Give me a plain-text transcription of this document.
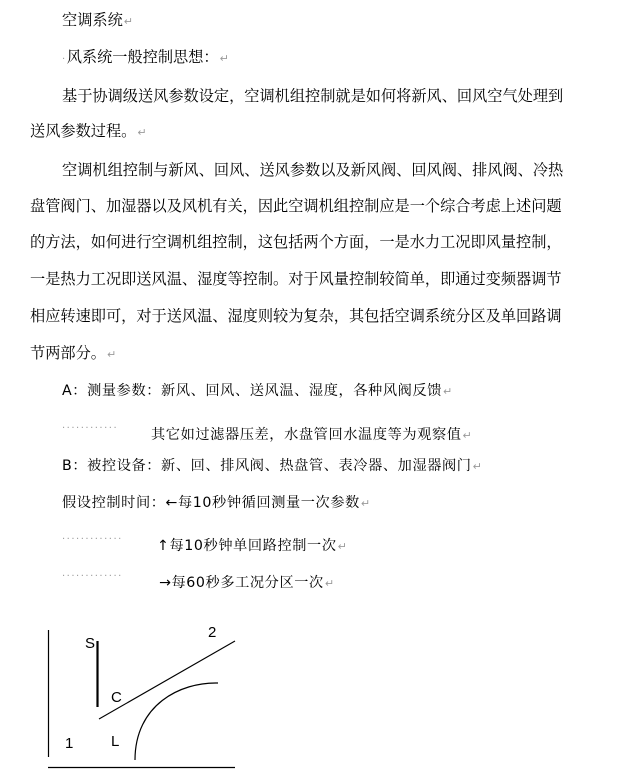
空调系统↵
·风系统一般控制思想：↵
基于协调级送风参数设定，空调机组控制就是如何将新风、回风空气处理到
送风参数过程。↵
空调机组控制与新风、回风、送风参数以及新风阀、回风阀、排风阀、冷热
盘管阀门、加湿器以及风机有关，因此空调机组控制应是一个综合考虑上述问题
的方法，如何进行空调机组控制，这包括两个方面，一是水力工况即风量控制，
一是热力工况即送风温、湿度等控制。对于风量控制较简单，即通过变频器调节
相应转速即可，对于送风温、湿度则较为复杂，其包括空调系统分区及单回路调
节两部分。↵
A：测量参数：新风、回风、送风温、湿度，各种风阀反馈↵
············ 其它如过滤器压差，水盘管回水温度等为观察值↵
B：被控设备：新、回、排风阀、热盘管、表冷器、加湿器阀门↵
假设控制时间：←每10秒钟循回测量一次参数↵
············· ↑每10秒钟单回路控制一次↵
·············	→每60秒多工况分区一次↵
S
2
C
1	L
